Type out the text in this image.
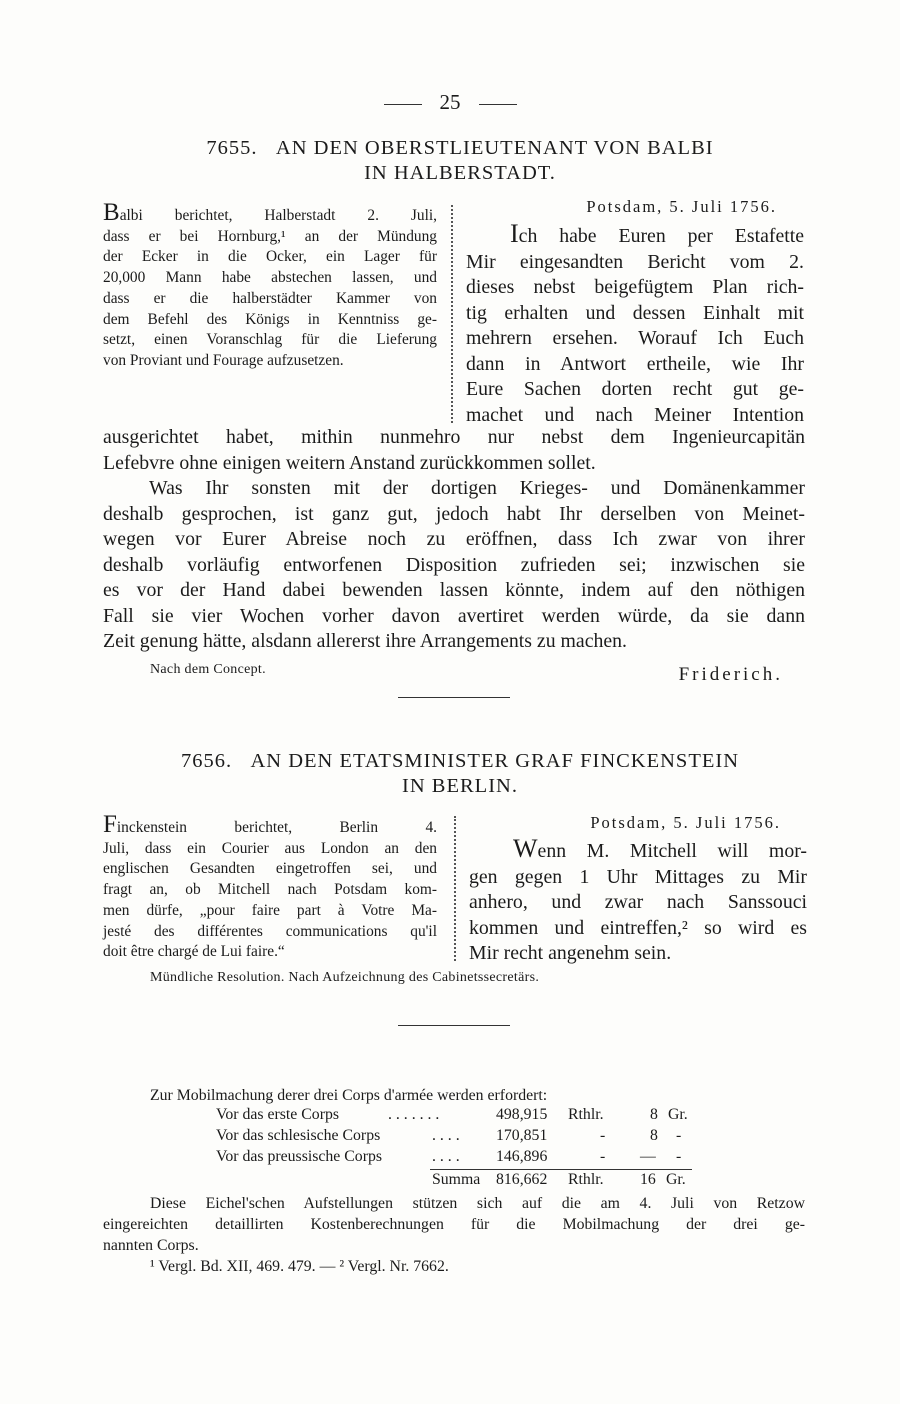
25
7655. AN DEN OBERSTLIEUTENANT VON BALBI
IN HALBERSTADT.
Balbi berichtet, Halberstadt 2. Juli,
dass er bei Hornburg,¹ an der Mündung
der Ecker in die Ocker, ein Lager für
20,000 Mann habe abstechen lassen, und
dass er die halberstädter Kammer von
dem Befehl des Königs in Kenntniss ge-
setzt, einen Voranschlag für die Lieferung
von Proviant und Fourage aufzusetzen.
Potsdam, 5. Juli 1756.
Ich habe Euren per Estafette
Mir eingesandten Bericht vom 2.
dieses nebst beigefügtem Plan rich-
tig erhalten und dessen Einhalt mit
mehrern ersehen. Worauf Ich Euch
dann in Antwort ertheile, wie Ihr
Eure Sachen dorten recht gut ge-
machet und nach Meiner Intention
ausgerichtet habet, mithin nunmehro nur nebst dem Ingenieurcapitän
Lefebvre ohne einigen weitern Anstand zurückkommen sollet.
Was Ihr sonsten mit der dortigen Krieges- und Domänenkammer
deshalb gesprochen, ist ganz gut, jedoch habt Ihr derselben von Meinet-
wegen vor Eurer Abreise noch zu eröffnen, dass Ich zwar von ihrer
deshalb vorläufig entworfenen Disposition zufrieden sei; inzwischen sie
es vor der Hand dabei bewenden lassen könnte, indem auf den nöthigen
Fall sie vier Wochen vorher davon avertiret werden würde, da sie dann
Zeit genung hätte, alsdann allererst ihre Arrangements zu machen.
Nach dem Concept.	Friderich.
7656. AN DEN ETATSMINISTER GRAF FINCKENSTEIN
IN BERLIN.
Finckenstein berichtet, Berlin 4.
Juli, dass ein Courier aus London an den
englischen Gesandten eingetroffen sei, und
fragt an, ob Mitchell nach Potsdam kom-
men dürfe, „pour faire part à Votre Ma-
jesté des différentes communications qu'il
doit être chargé de Lui faire.“
Potsdam, 5. Juli 1756.
Wenn M. Mitchell will mor-
gen gegen 1 Uhr Mittages zu Mir
anhero, und zwar nach Sanssouci
kommen und eintreffen,² so wird es
Mir recht angenehm sein.
Mündliche Resolution. Nach Aufzeichnung des Cabinetssecretärs.
Zur Mobilmachung derer drei Corps d'armée werden erfordert:
Vor das erste Corps	. . . . . . .	498,915 Rthlr.	8 Gr.
Vor das schlesische Corps	. . . . 170,851	-	8 -
Vor das preussische Corps	. . . . 146,896	- — -
Summa 816,662 Rthlr. 16 Gr.
Diese Eichel'schen Aufstellungen stützen sich auf die am 4. Juli von Retzow
eingereichten detaillirten Kostenberechnungen für die Mobilmachung der drei ge-
nannten Corps.
¹ Vergl. Bd. XII, 469. 479. — ² Vergl. Nr. 7662.
